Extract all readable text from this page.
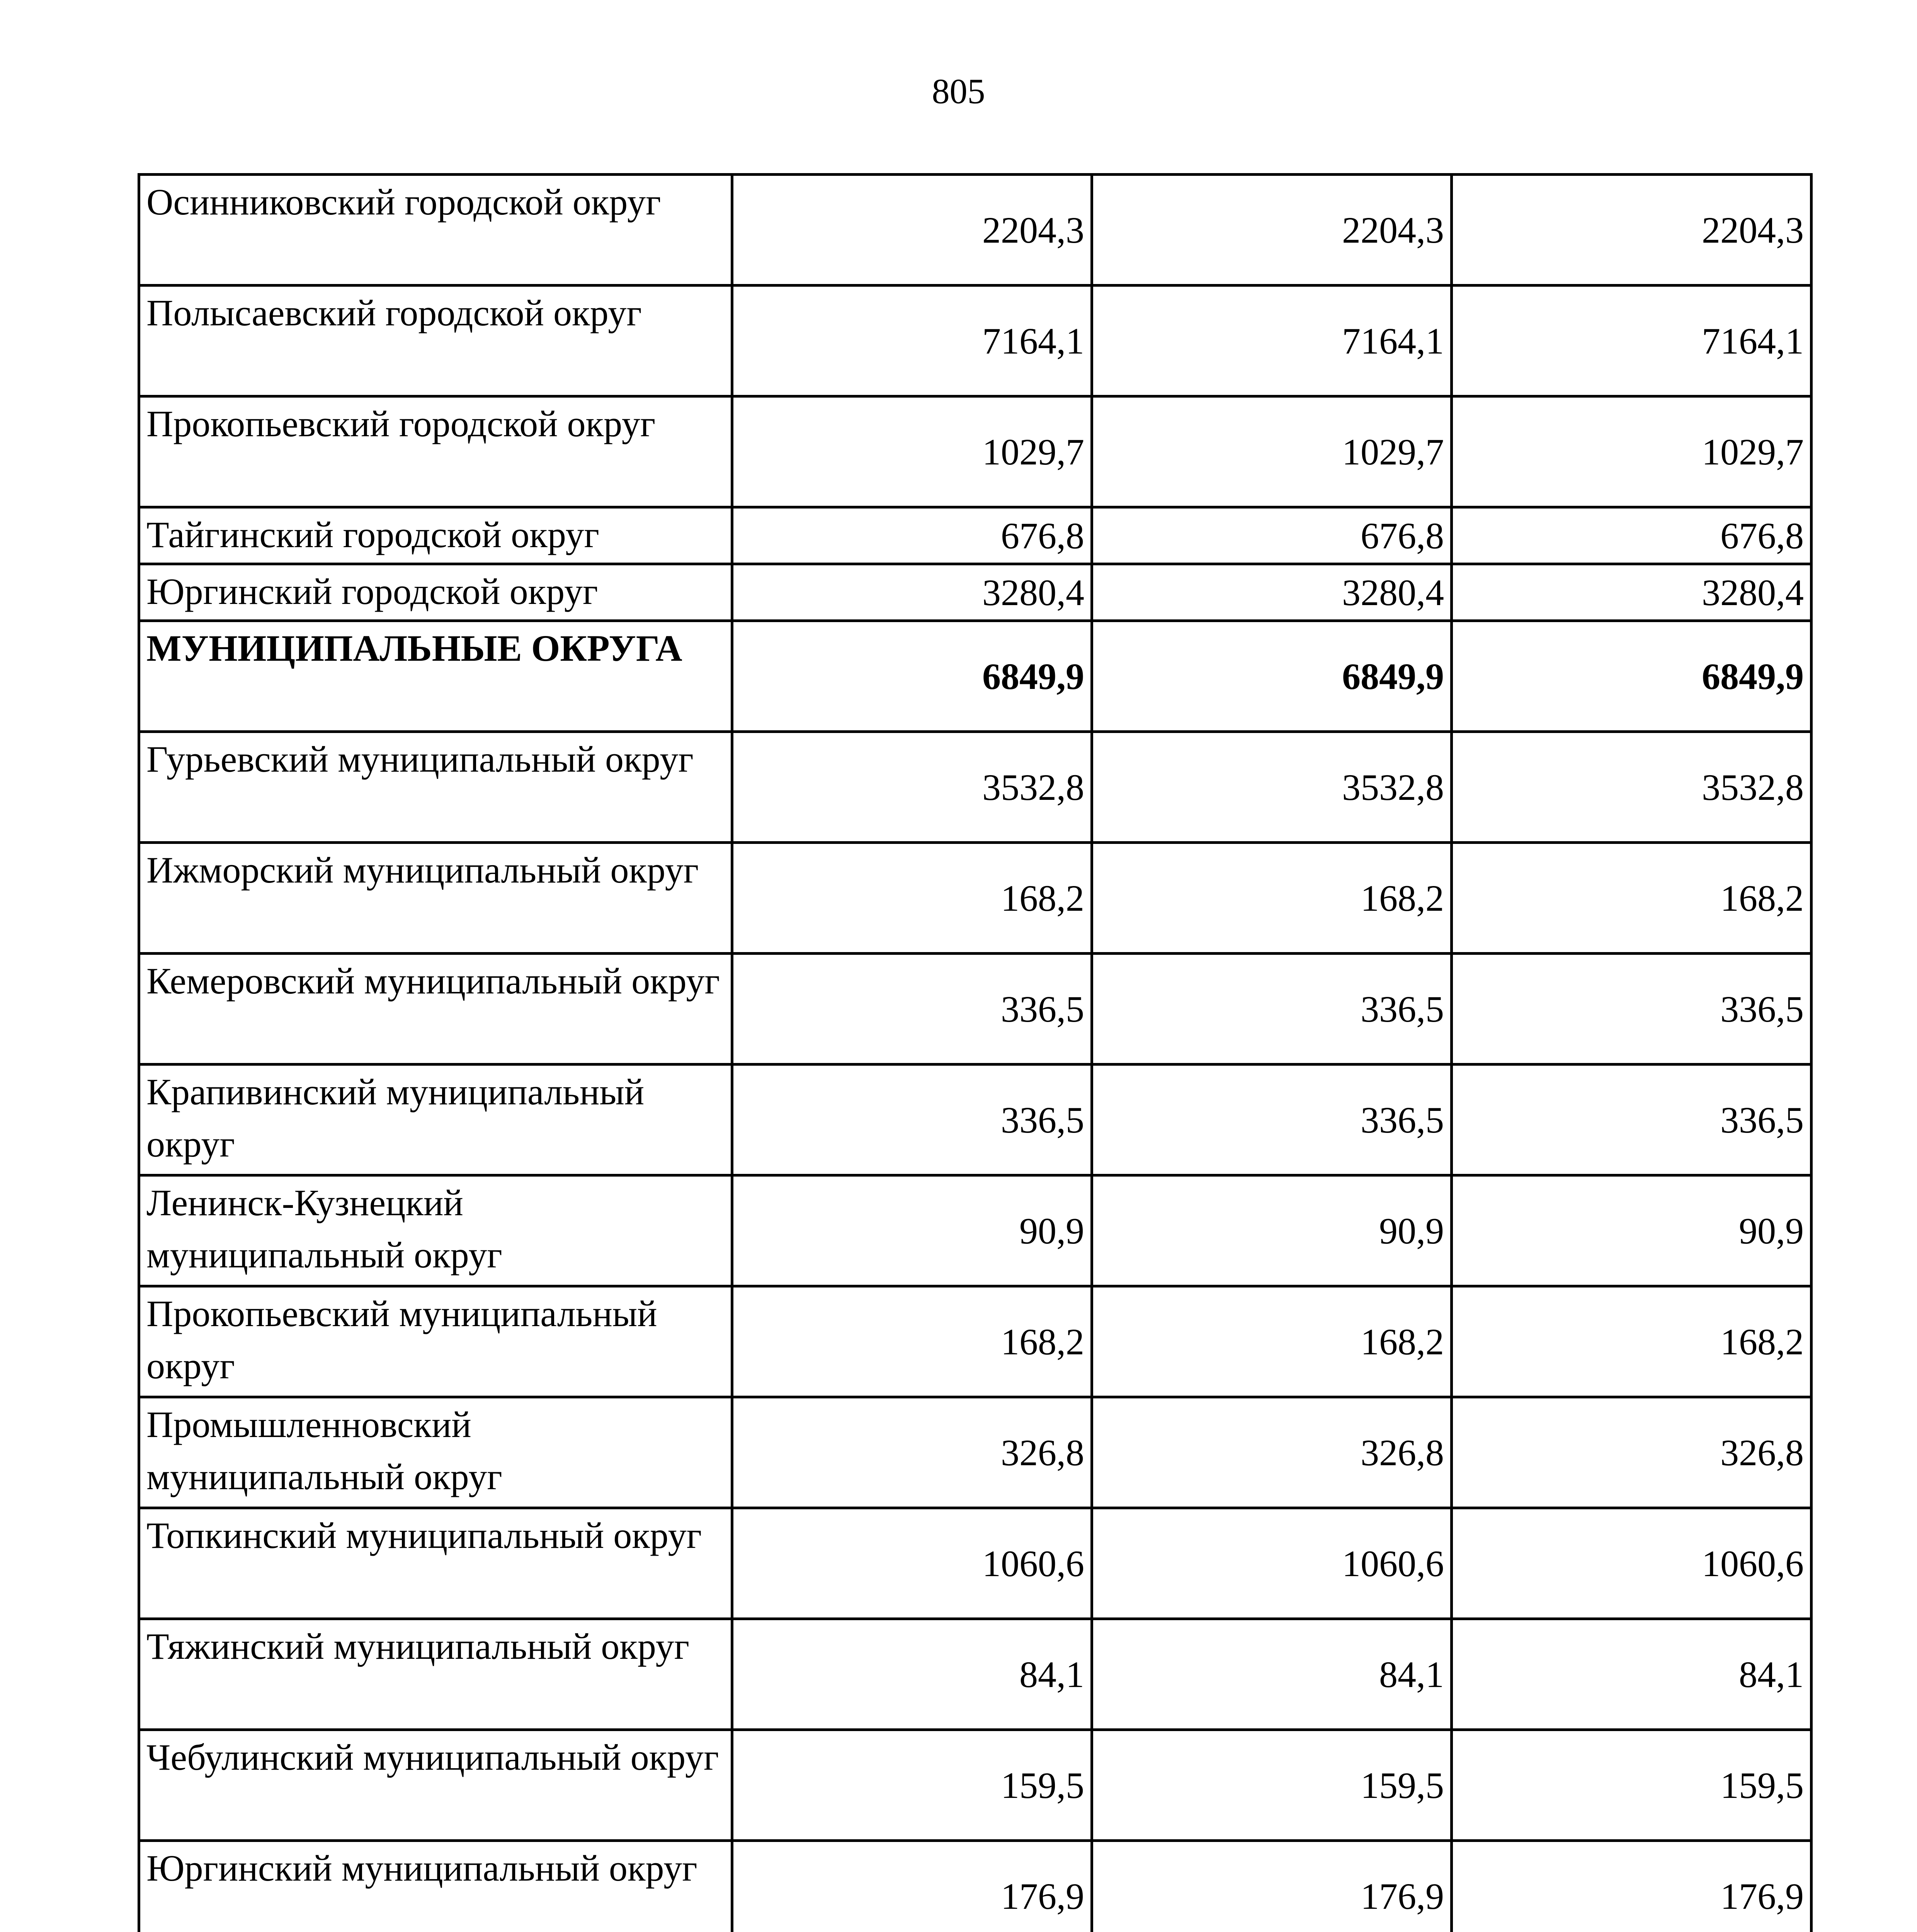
805
Осинниковский городской округ	2204,3	2204,3	2204,3
Полысаевский городской округ	7164,1	7164,1	7164,1
Прокопьевский городской округ	1029,7	1029,7	1029,7
Тайгинский городской округ	676,8	676,8	676,8
Юргинский городской округ	3280,4	3280,4	3280,4
МУНИЦИПАЛЬНЫЕ ОКРУГА	6849,9	6849,9	6849,9
Гурьевский муниципальный округ	3532,8	3532,8	3532,8
Ижморский муниципальный округ	168,2	168,2	168,2
Кемеровский муниципальный округ	336,5	336,5	336,5
Крапивинский муниципальный округ	336,5	336,5	336,5
Ленинск-Кузнецкий муниципальный округ	90,9	90,9	90,9
Прокопьевский муниципальный округ	168,2	168,2	168,2
Промышленновский муниципальный округ	326,8	326,8	326,8
Топкинский муниципальный округ	1060,6	1060,6	1060,6
Тяжинский муниципальный округ	84,1	84,1	84,1
Чебулинский муниципальный округ	159,5	159,5	159,5
Юргинский муниципальный округ	176,9	176,9	176,9
